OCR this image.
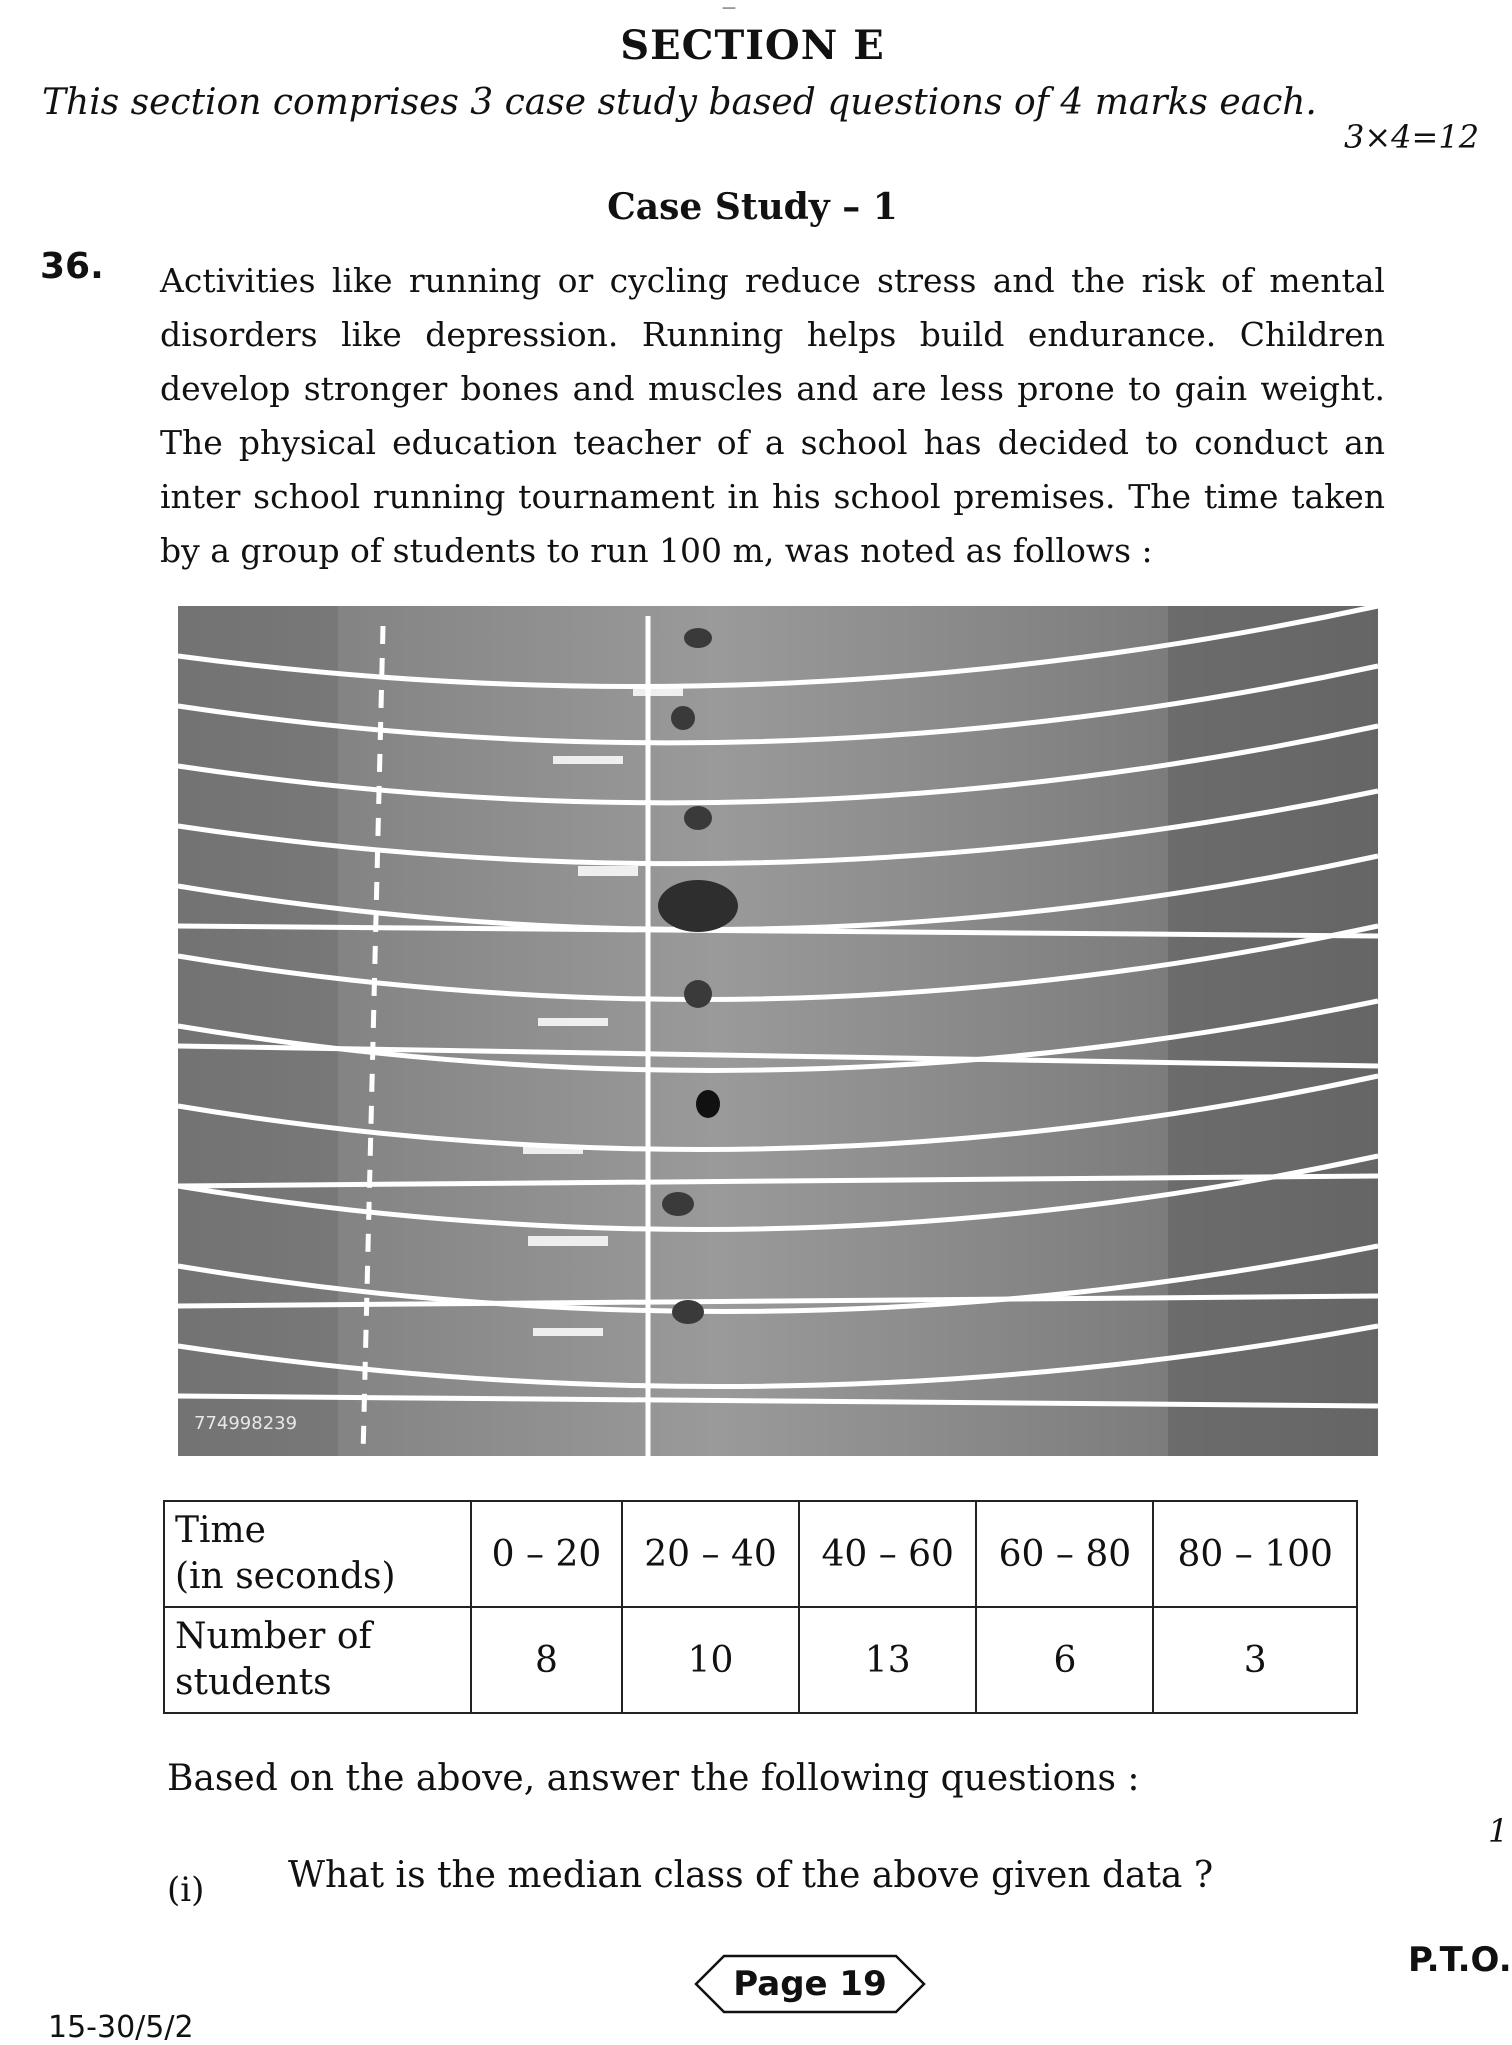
—
SECTION E
This section comprises 3 case study based questions of 4 marks each.
3×4=12
Case Study – 1
36. Activities like running or cycling reduce stress and the risk of mental disorders like depression. Running helps build endurance. Children develop stronger bones and muscles and are less prone to gain weight. The physical education teacher of a school has decided to conduct an inter school running tournament in his school premises. The time taken by a group of students to run 100 m, was noted as follows :
774998239
Time
(in seconds)	0 – 20	20 – 40	40 – 60	60 – 80	80 – 100

Number of
students	8	10	13	6	3
Based on the above, answer the following questions :
(i) What is the median class of the above given data ?
1
Page 19
P.T.O.
15-30/5/2
